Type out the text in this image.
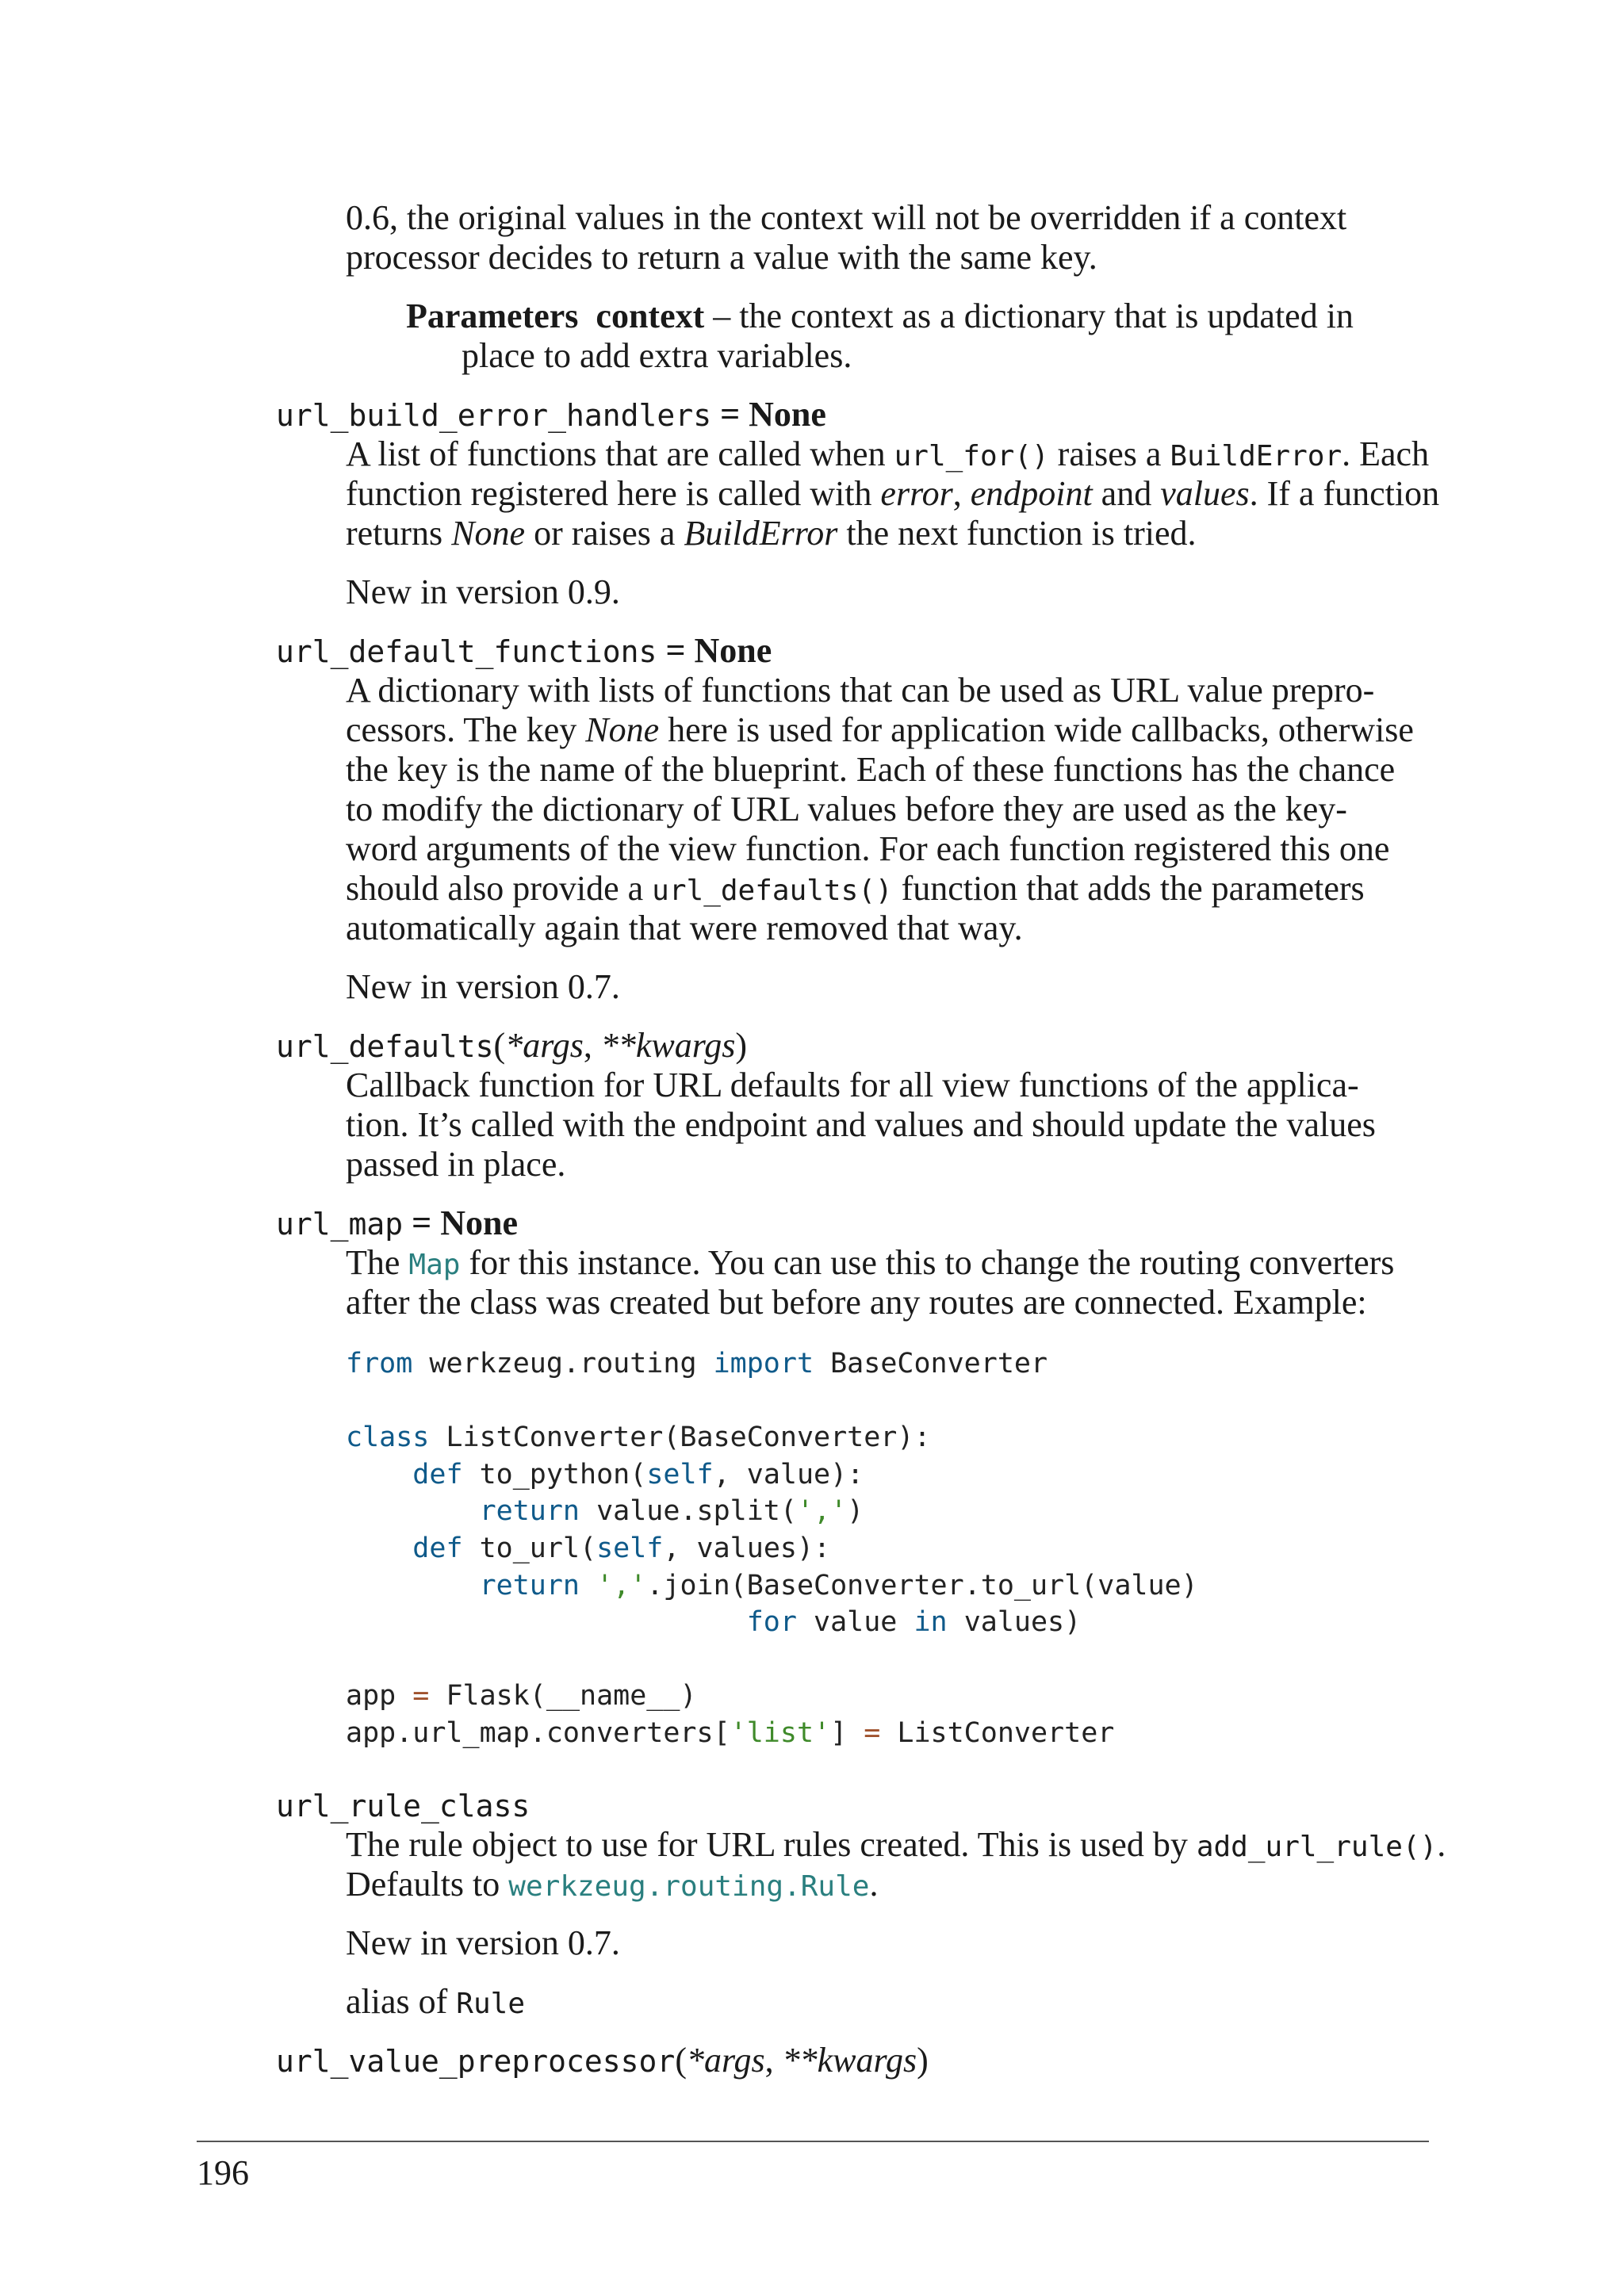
0.6, the original values in the context will not be overridden if a context
processor decides to return a value with the same key.
Parameters context – the context as a dictionary that is updated in
place to add extra variables.
url_build_error_handlers = None
A list of functions that are called when url_for() raises a BuildError. Each
function registered here is called with error, endpoint and values. If a function
returns None or raises a BuildError the next function is tried.
New in version 0.9.
url_default_functions = None
A dictionary with lists of functions that can be used as URL value prepro-
cessors. The key None here is used for application wide callbacks, otherwise
the key is the name of the blueprint. Each of these functions has the chance
to modify the dictionary of URL values before they are used as the key-
word arguments of the view function. For each function registered this one
should also provide a url_defaults() function that adds the parameters
automatically again that were removed that way.
New in version 0.7.
url_defaults(*args, **kwargs)
Callback function for URL defaults for all view functions of the applica-
tion. It’s called with the endpoint and values and should update the values
passed in place.
url_map = None
The Map for this instance. You can use this to change the routing converters
after the class was created but before any routes are connected. Example:
from werkzeug.routing import BaseConverter
class ListConverter(BaseConverter):
def to_python(self, value):
return value.split(',')
def to_url(self, values):
return ','.join(BaseConverter.to_url(value)
for value in values)
app = Flask(__name__)
app.url_map.converters['list'] = ListConverter
url_rule_class
The rule object to use for URL rules created. This is used by add_url_rule().
Defaults to werkzeug.routing.Rule.
New in version 0.7.
alias of Rule
url_value_preprocessor(*args, **kwargs)
196
